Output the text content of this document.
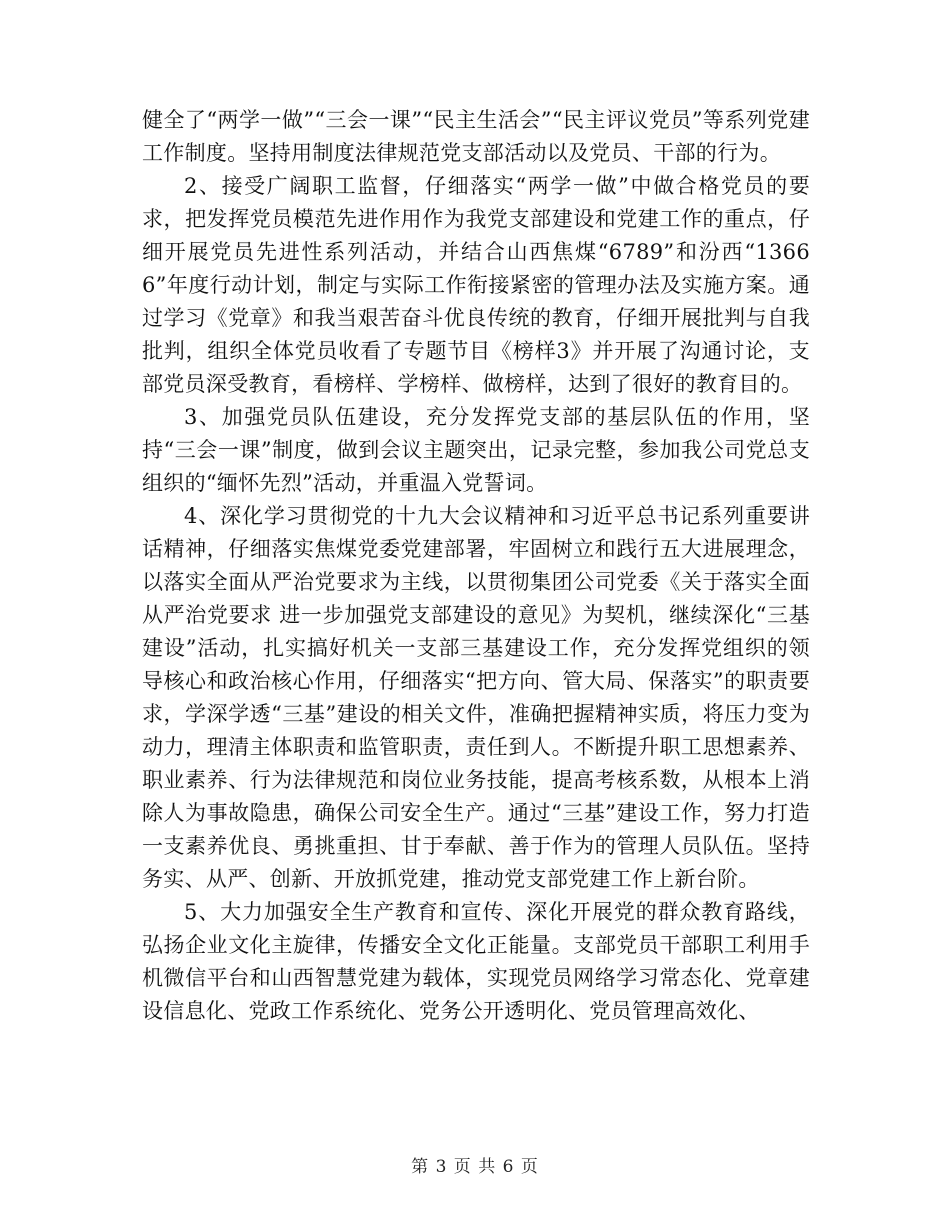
健全了“两学一做”“三会一课”“民主生活会”“民主评议党员”等系列党建工作制度。坚持用制度法律规范党支部活动以及党员、干部的行为。

2、接受广阔职工监督，仔细落实“两学一做”中做合格党员的要求，把发挥党员模范先进作用作为我党支部建设和党建工作的重点，仔细开展党员先进性系列活动，并结合山西焦煤“6789”和汾西“13666”年度行动计划，制定与实际工作衔接紧密的管理办法及实施方案。通过学习《党章》和我当艰苦奋斗优良传统的教育，仔细开展批判与自我批判，组织全体党员收看了专题节目《榜样3》并开展了沟通讨论，支部党员深受教育，看榜样、学榜样、做榜样，达到了很好的教育目的。

3、加强党员队伍建设，充分发挥党支部的基层队伍的作用，坚持“三会一课”制度，做到会议主题突出，记录完整，参加我公司党总支组织的“缅怀先烈”活动，并重温入党誓词。

4、深化学习贯彻党的十九大会议精神和习近平总书记系列重要讲话精神，仔细落实焦煤党委党建部署，牢固树立和践行五大进展理念，以落实全面从严治党要求为主线，以贯彻集团公司党委《关于落实全面从严治党要求 进一步加强党支部建设的意见》为契机，继续深化“三基建设”活动，扎实搞好机关一支部三基建设工作，充分发挥党组织的领导核心和政治核心作用，仔细落实“把方向、管大局、保落实”的职责要求，学深学透“三基”建设的相关文件，准确把握精神实质，将压力变为动力，理清主体职责和监管职责，责任到人。不断提升职工思想素养、职业素养、行为法律规范和岗位业务技能，提高考核系数，从根本上消除人为事故隐患，确保公司安全生产。通过“三基”建设工作，努力打造一支素养优良、勇挑重担、甘于奉献、善于作为的管理人员队伍。坚持务实、从严、创新、开放抓党建，推动党支部党建工作上新台阶。

5、大力加强安全生产教育和宣传、深化开展党的群众教育路线，弘扬企业文化主旋律，传播安全文化正能量。支部党员干部职工利用手机微信平台和山西智慧党建为载体，实现党员网络学习常态化、党章建设信息化、党政工作系统化、党务公开透明化、党员管理高效化、

第 3 页 共 6 页
